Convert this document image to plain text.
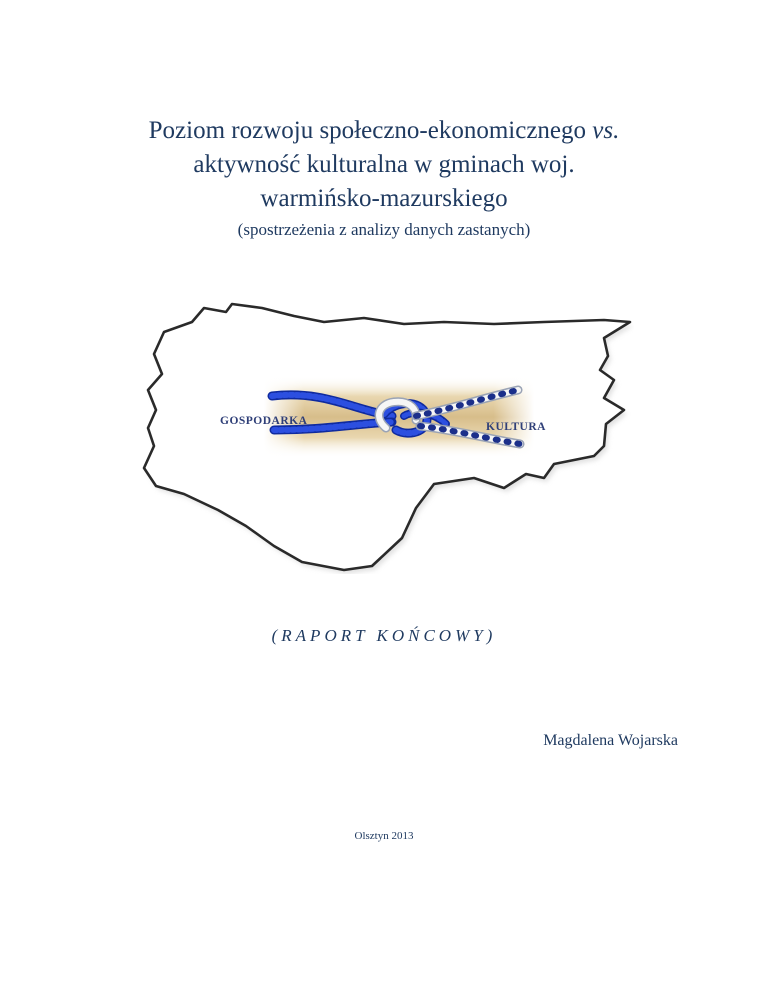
Poziom rozwoju społeczno-ekonomicznego vs.

aktywność kulturalna w gminach woj.

warmińsko-mazurskiego

(spostrzeżenia z analizy danych zastanych)
GOSPODARKA	KULTURA
(RAPORT KOŃCOWY)
Magdalena Wojarska
Olsztyn 2013
